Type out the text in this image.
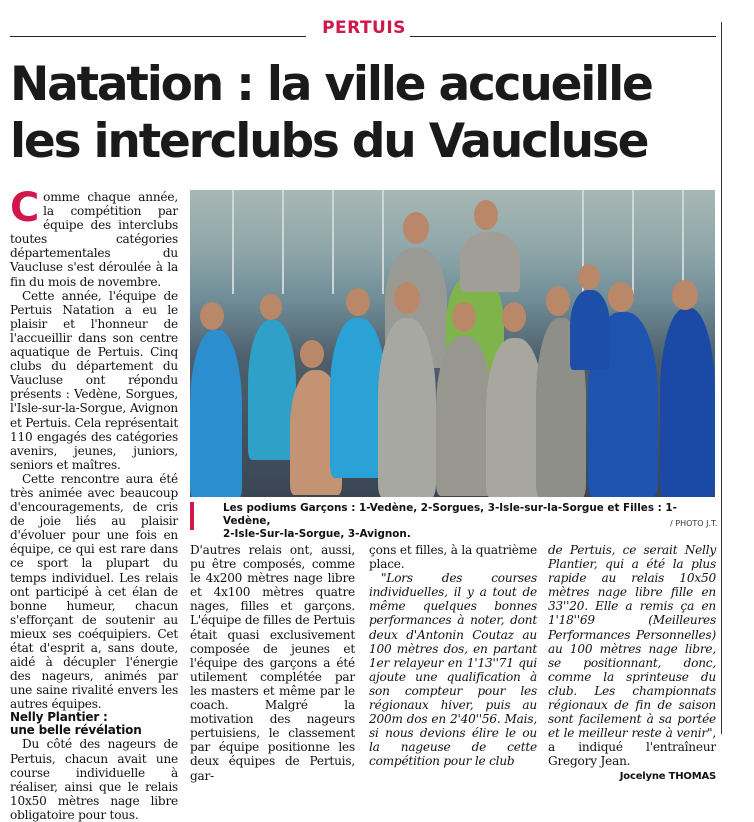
PERTUIS
Natation : la ville accueille
les interclubs du Vaucluse

Comme chaque année, la compétition par équipe des interclubs toutes catégories départementales du Vaucluse s'est déroulée à la fin du mois de novembre.

Cette année, l'équipe de Pertuis Natation a eu le plaisir et l'honneur de l'accueillir dans son centre aquatique de Pertuis. Cinq clubs du département du Vaucluse ont répondu présents : Vedène, Sorgues, l'Isle-sur-la-Sorgue, Avignon et Pertuis. Cela représentait 110 engagés des catégories avenirs, jeunes, juniors, seniors et maîtres.

Cette rencontre aura été très animée avec beaucoup d'encouragements, de cris de joie liés au plaisir d'évoluer pour une fois en équipe, ce qui est rare dans ce sport la plupart du temps individuel. Les relais ont participé à cet élan de bonne humeur, chacun s'efforçant de soutenir au mieux ses coéquipiers. Cet état d'esprit a, sans doute, aidé à décupler l'énergie des nageurs, animés par une saine rivalité envers les autres équipes.

Nelly Plantier :
une belle révélation

Du côté des nageurs de Pertuis, chacun avait une course individuelle à réaliser, ainsi que le relais 10x50 mètres nage libre obligatoire pour tous.

Les podiums Garçons : 1-Vedène, 2-Sorgues, 3-Isle-sur-la-Sorgue et Filles : 1-Vedène,
2-Isle-Sur-la-Sorgue, 3-Avignon.
/ PHOTO J.T.

D'autres relais ont, aussi, pu être composés, comme le 4x200 mètres nage libre et 4x100 mètres quatre nages, filles et garçons. L'équipe de filles de Pertuis était quasi exclusivement composée de jeunes et l'équipe des garçons a été utilement complétée par les masters et même par le coach. Malgré la motivation des nageurs pertuisiens, le classement par équipe positionne les deux équipes de Pertuis, gar-

çons et filles, à la quatrième place.

"Lors des courses individuelles, il y a tout de même quelques bonnes performances à noter, dont deux d'Antonin Coutaz au 100 mètres dos, en partant 1er relayeur en 1'13''71 qui ajoute une qualification à son compteur pour les régionaux hiver, puis au 200m dos en 2'40''56. Mais, si nous devions élire le ou la nageuse de cette compétition pour le club

de Pertuis, ce serait Nelly Plantier, qui a été la plus rapide au relais 10x50 mètres nage libre fille en 33''20. Elle a remis ça en 1'18''69 (Meilleures Performances Personnelles) au 100 mètres nage libre, se positionnant, donc, comme la sprinteuse du club. Les championnats régionaux de fin de saison sont facilement à sa portée et le meilleur reste à venir", a indiqué l'entraîneur Gregory Jean.

Jocelyne THOMAS
